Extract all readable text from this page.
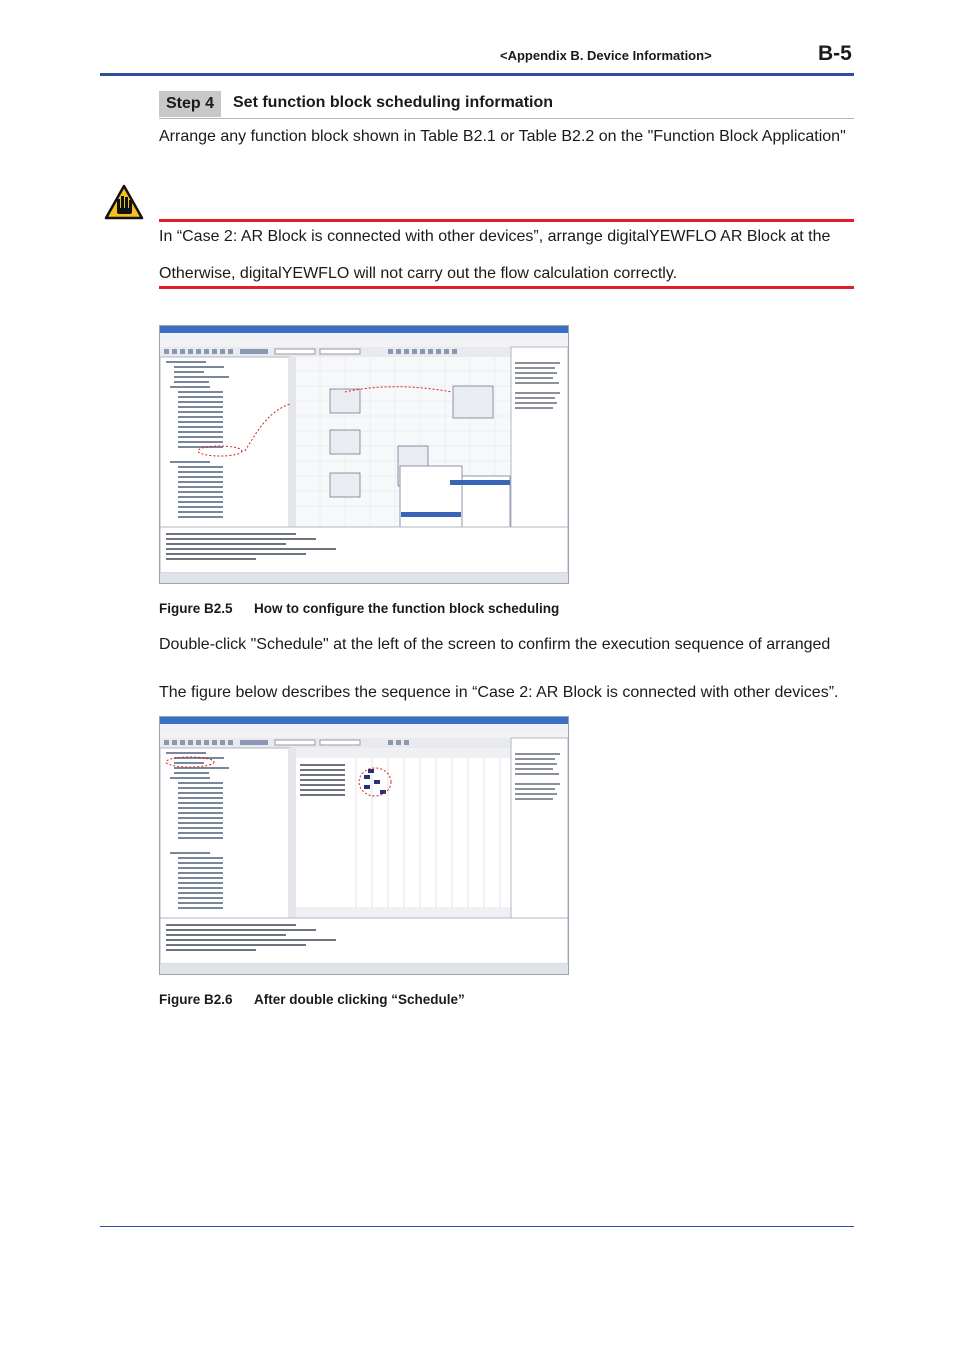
<Appendix B. Device Information>	B-5
Step 4	Set function block scheduling information
Arrange any function block shown in Table B2.1 or Table B2.2 on the "Function Block Application"
In “Case 2: AR Block is connected with other devices”, arrange digitalYEWFLO AR Block at the
Otherwise, digitalYEWFLO will not carry out the flow calculation correctly.
Figure B2.5 How to configure the function block scheduling
Double-click "Schedule" at the left of the screen to confirm the execution sequence of arranged
The figure below describes the sequence in “Case 2: AR Block is connected with other devices”.
Figure B2.6 After double clicking “Schedule”
